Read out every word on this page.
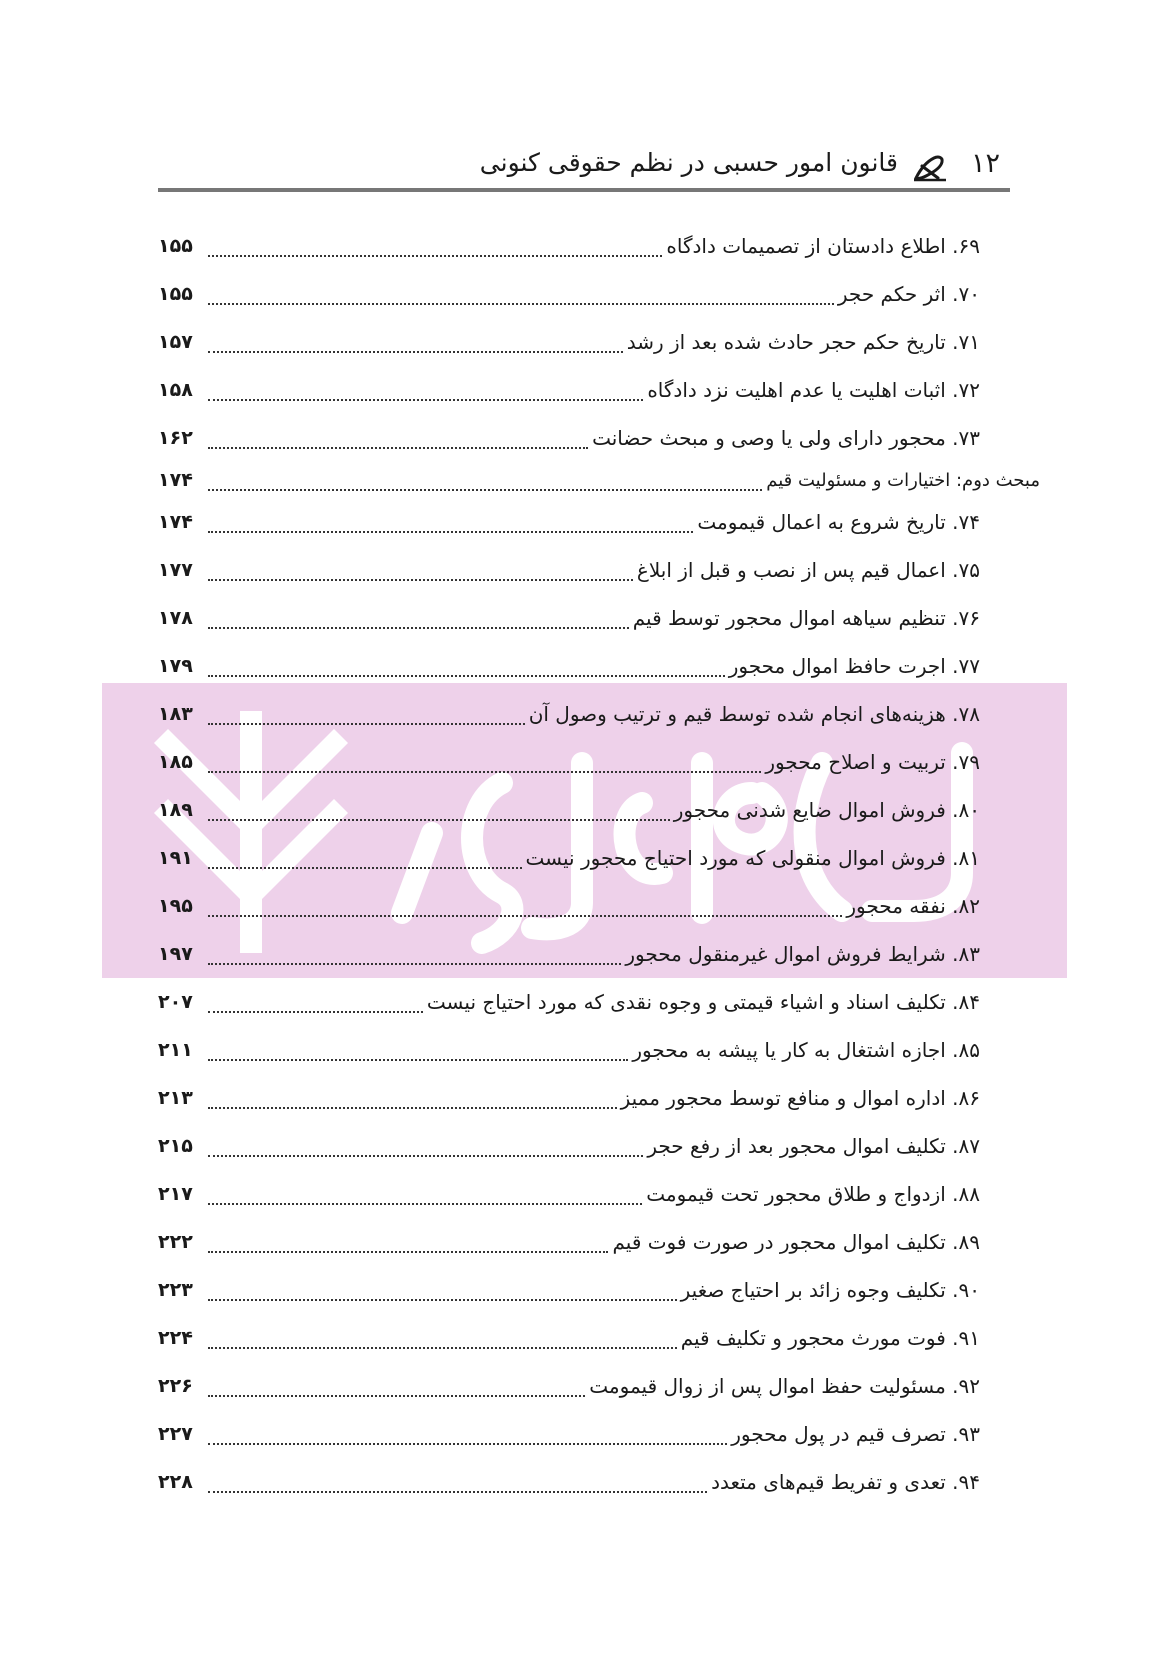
۱۲
قانون امور حسبی در نظم حقوقی کنونی
۶۹. اطلاع دادستان از تصمیمات دادگاه
۱۵۵
۷۰. اثر حکم حجر
۱۵۵
۷۱. تاریخ حکم حجر حادث شده بعد از رشد
۱۵۷
۷۲. اثبات اهلیت یا عدم اهلیت نزد دادگاه
۱۵۸
۷۳. محجور دارای ولی یا وصی و مبحث حضانت
۱۶۲
مبحث دوم: اختیارات و مسئولیت قیم
۱۷۴
۷۴. تاریخ شروع به اعمال قیمومت
۱۷۴
۷۵. اعمال قیم پس از نصب و قبل از ابلاغ
۱۷۷
۷۶. تنظیم سیاهه اموال محجور توسط قیم
۱۷۸
۷۷. اجرت حافظ اموال محجور
۱۷۹
۷۸. هزینه‌های انجام شده توسط قیم و ترتیب وصول آن
۱۸۳
۷۹. تربیت و اصلاح محجور
۱۸۵
۸۰. فروش اموال ضایع شدنی محجور
۱۸۹
۸۱. فروش اموال منقولی که مورد احتیاج محجور نیست
۱۹۱
۸۲. نفقه محجور
۱۹۵
۸۳. شرایط فروش اموال غیرمنقول محجور
۱۹۷
۸۴. تکلیف اسناد و اشیاء قیمتی و وجوه نقدی که مورد احتیاج نیست
۲۰۷
۸۵. اجازه اشتغال به کار یا پیشه به محجور
۲۱۱
۸۶. اداره اموال و منافع توسط محجور ممیز
۲۱۳
۸۷. تکلیف اموال محجور بعد از رفع حجر
۲۱۵
۸۸. ازدواج و طلاق محجور تحت قیمومت
۲۱۷
۸۹. تکلیف اموال محجور در صورت فوت قیم
۲۲۲
۹۰. تکلیف وجوه زائد بر احتیاج صغیر
۲۲۳
۹۱. فوت مورث محجور و تکلیف قیم
۲۲۴
۹۲. مسئولیت حفظ اموال پس از زوال قیمومت
۲۲۶
۹۳. تصرف قیم در پول محجور
۲۲۷
۹۴. تعدی و تفریط قیم‌های متعدد
۲۲۸
